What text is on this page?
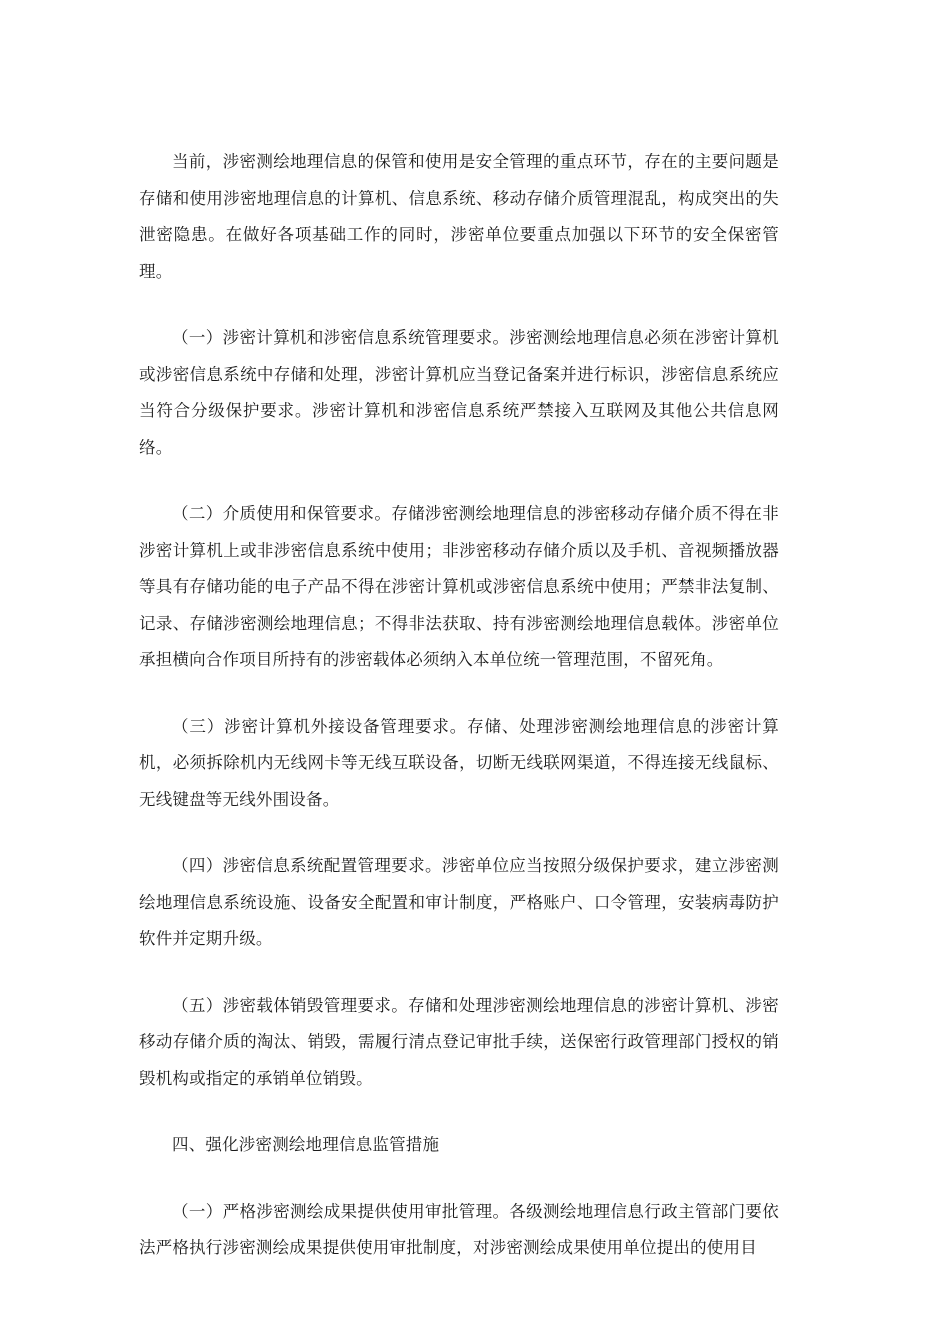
当前，涉密测绘地理信息的保管和使用是安全管理的重点环节，存在的主要问题是存储和使用涉密地理信息的计算机、信息系统、移动存储介质管理混乱，构成突出的失泄密隐患。在做好各项基础工作的同时，涉密单位要重点加强以下环节的安全保密管理。

（一）涉密计算机和涉密信息系统管理要求。涉密测绘地理信息必须在涉密计算机或涉密信息系统中存储和处理，涉密计算机应当登记备案并进行标识，涉密信息系统应当符合分级保护要求。涉密计算机和涉密信息系统严禁接入互联网及其他公共信息网络。

（二）介质使用和保管要求。存储涉密测绘地理信息的涉密移动存储介质不得在非涉密计算机上或非涉密信息系统中使用；非涉密移动存储介质以及手机、音视频播放器等具有存储功能的电子产品不得在涉密计算机或涉密信息系统中使用；严禁非法复制、记录、存储涉密测绘地理信息；不得非法获取、持有涉密测绘地理信息载体。涉密单位承担横向合作项目所持有的涉密载体必须纳入本单位统一管理范围，不留死角。

（三）涉密计算机外接设备管理要求。存储、处理涉密测绘地理信息的涉密计算机，必须拆除机内无线网卡等无线互联设备，切断无线联网渠道，不得连接无线鼠标、无线键盘等无线外围设备。

（四）涉密信息系统配置管理要求。涉密单位应当按照分级保护要求，建立涉密测绘地理信息系统设施、设备安全配置和审计制度，严格账户、口令管理，安装病毒防护软件并定期升级。

（五）涉密载体销毁管理要求。存储和处理涉密测绘地理信息的涉密计算机、涉密移动存储介质的淘汰、销毁，需履行清点登记审批手续，送保密行政管理部门授权的销毁机构或指定的承销单位销毁。

四、强化涉密测绘地理信息监管措施

（一）严格涉密测绘成果提供使用审批管理。各级测绘地理信息行政主管部门要依法严格执行涉密测绘成果提供使用审批制度，对涉密测绘成果使用单位提出的使用目
